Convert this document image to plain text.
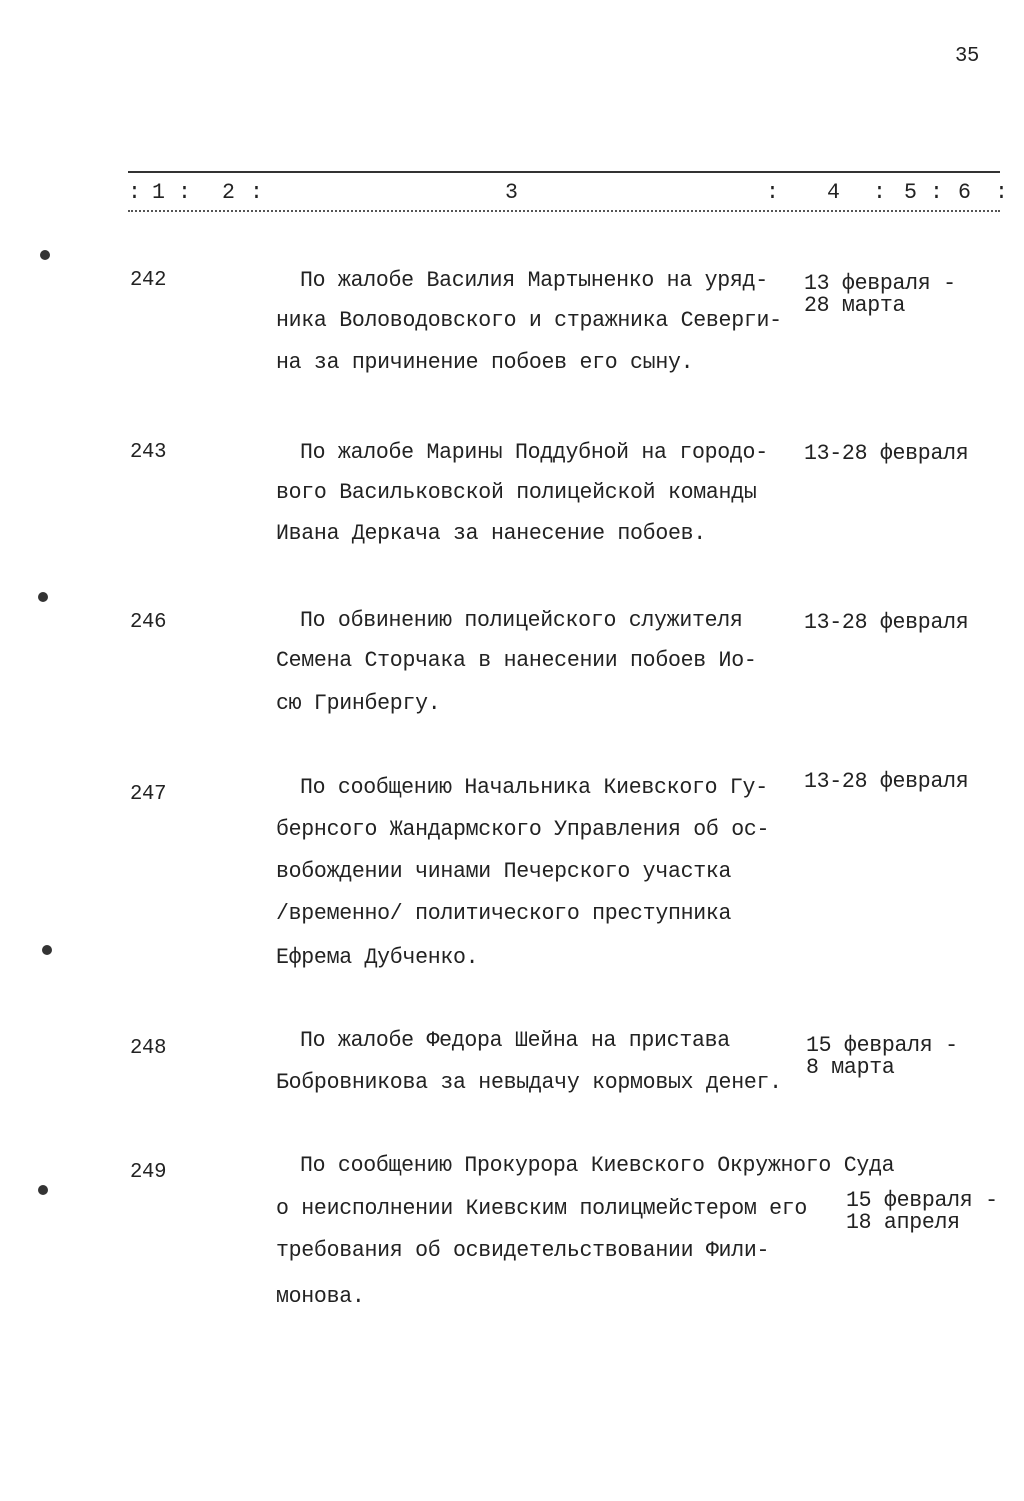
35
: 1 : 2 :	3	: 4 : 5 : 6 :
242	По жалобе Василия Мартыненко на уряд-
ника Воловодовского и стражника Северги-
на за причинение побоев его сыну.
13 февраля -
28 марта
243	По жалобе Марины Поддубной на городо-
вого Васильковской полицейской команды
Ивана Деркача за нанесение побоев.
13-28 февраля
246	По обвинению полицейского служителя
Семена Сторчака в нанесении побоев Ио-
сю Гринбергу.
13-28 февраля
247	По сообщению Начальника Киевского Гу-
бернсого Жандармского Управления об ос-
вобождении чинами Печерского участка
/временно/ политического преступника
Ефрема Дубченко.
13-28 февраля
248	По жалобе Федора Шейна на пристава
Бобровникова за невыдачу кормовых денег.
15 февраля -
8 марта
249	По сообщению Прокурора Киевского Окружного Суда
о неисполнении Киевским полицмейстером его
требования об освидетельствовании Фили-
монова.
15 февраля -
18 апреля
